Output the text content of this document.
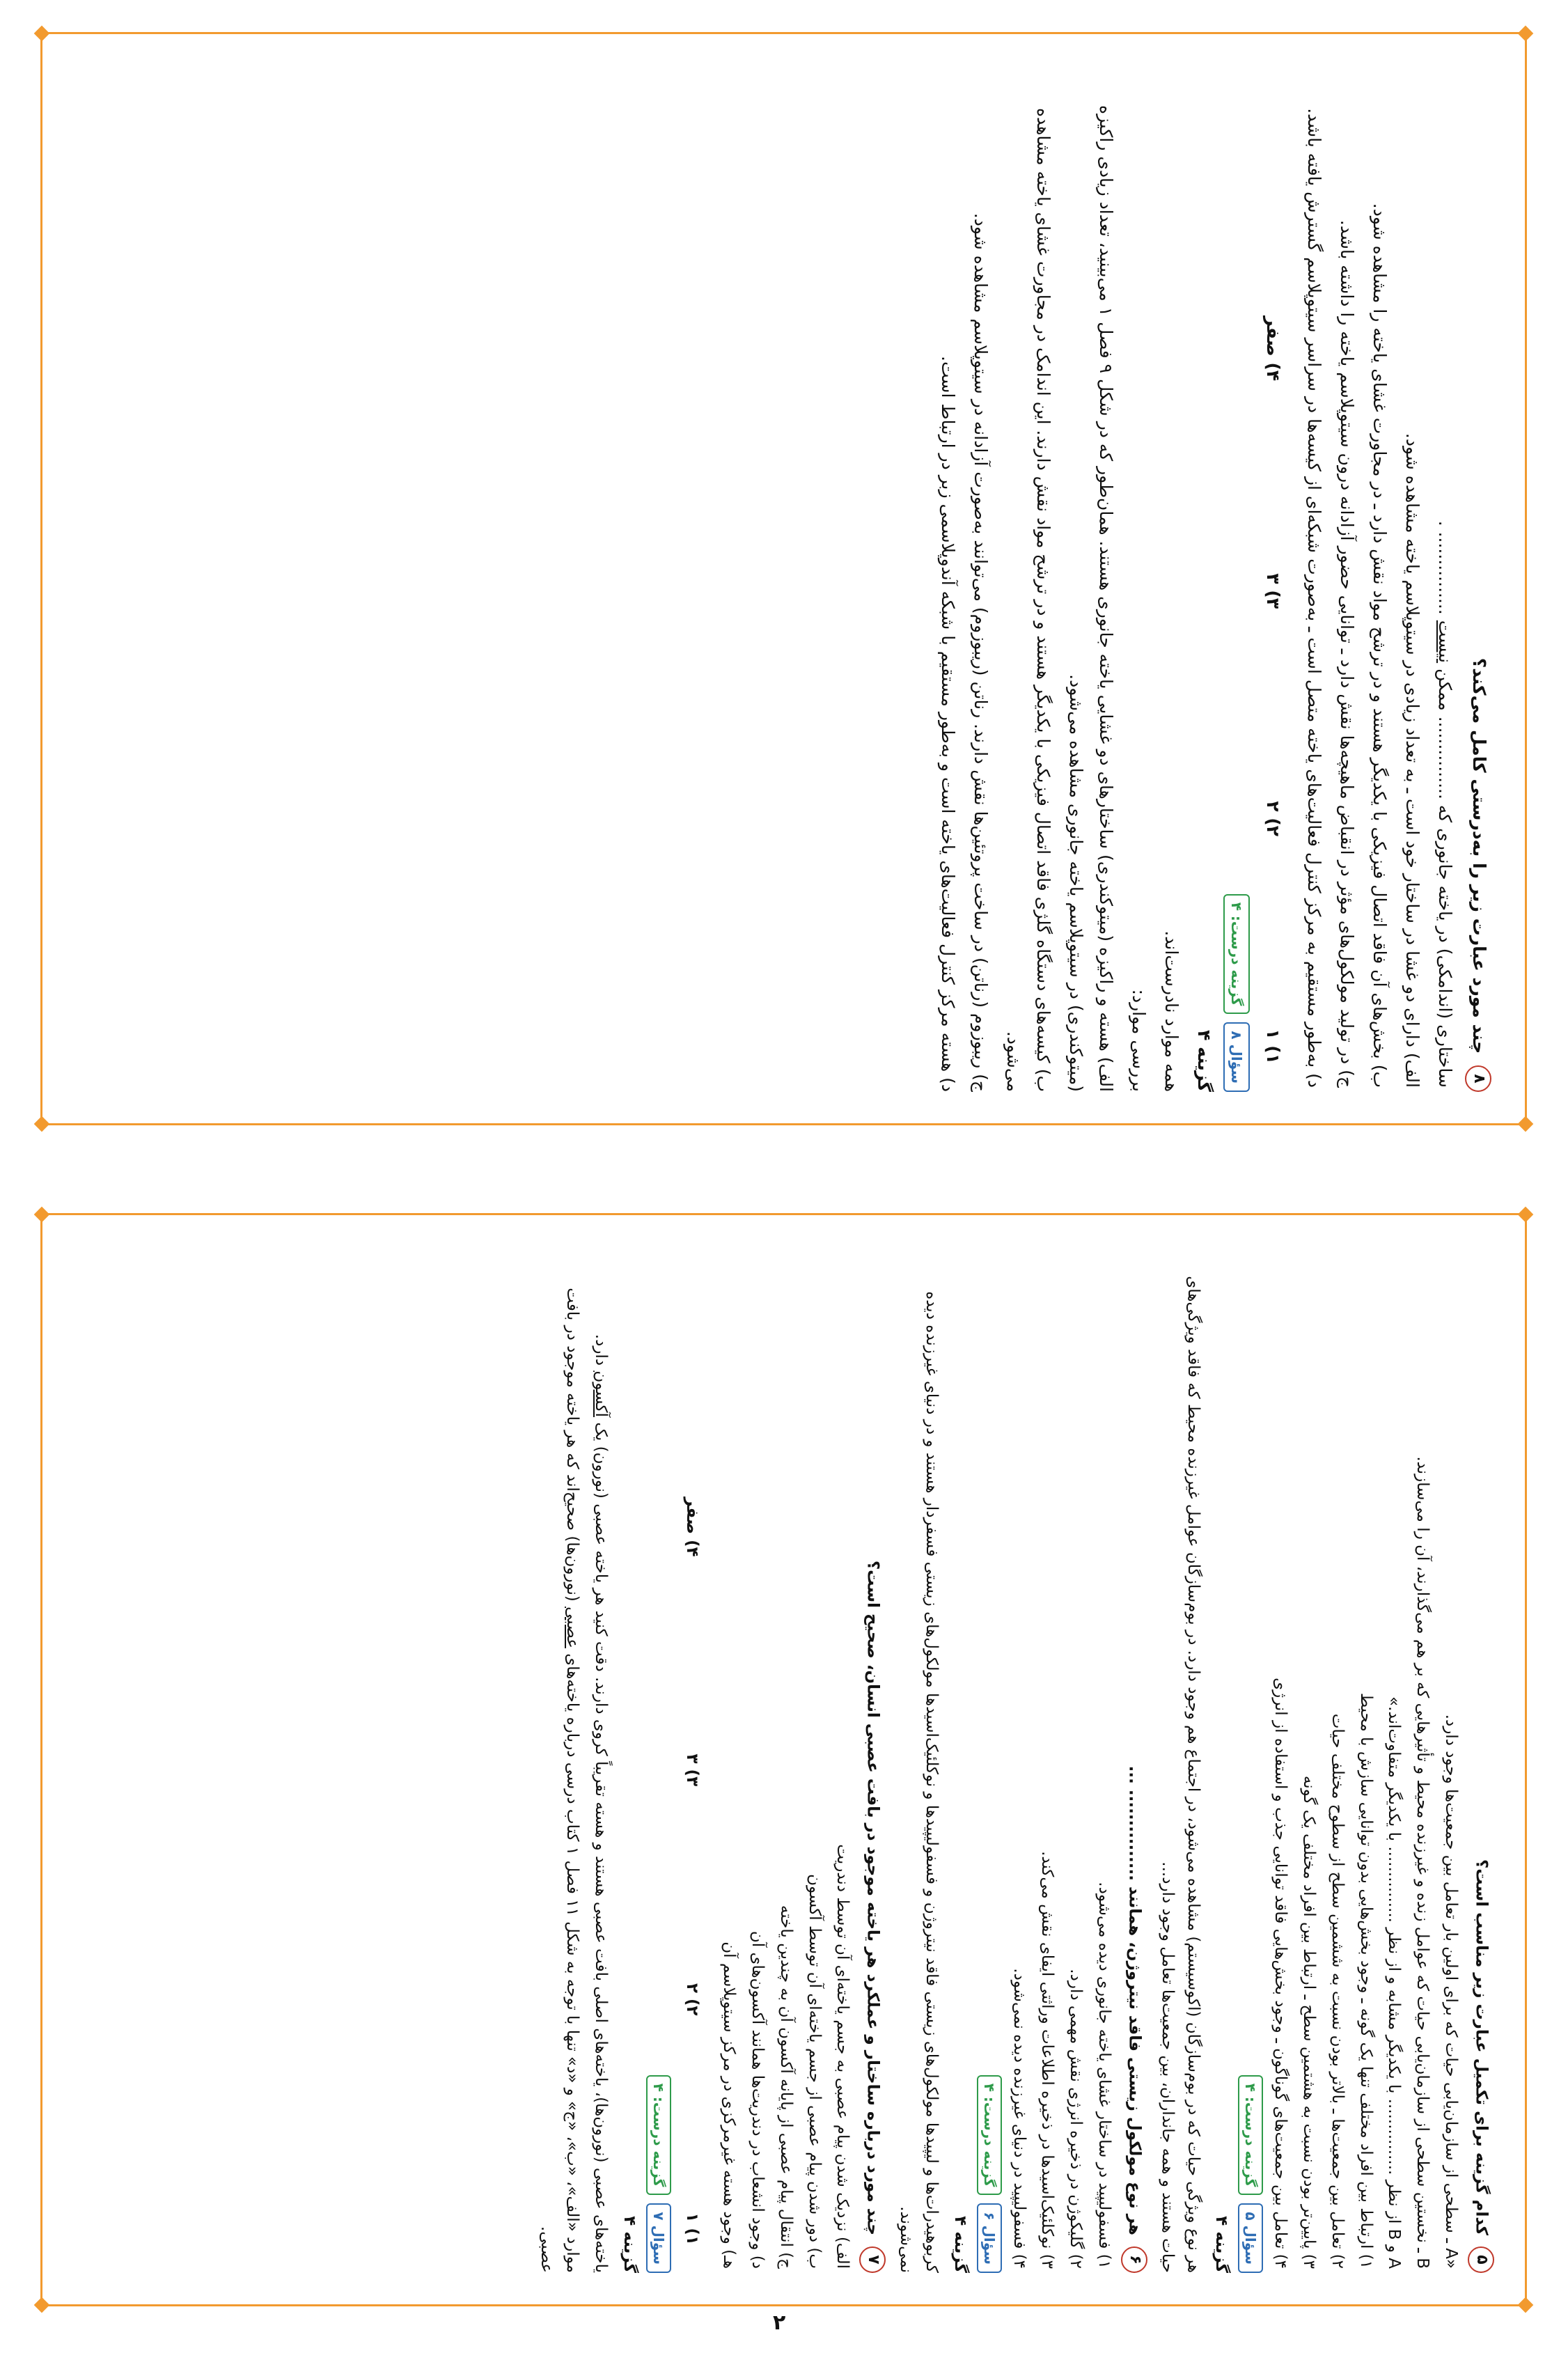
۸ چند مورد عبارت زیر را به‌درستی کامل می‌کند؟
ساختاری (اندامکی) در یاخته جانوری که ............... ممکن نیست ............... .
الف) دارای دو غشا در ساختار خود است ـ به تعداد زیادی در سیتوپلاسم یاخته مشاهده شود.
ب) بخش‌های آن فاقد اتصال فیزیکی با یکدیگر هستند و در ترشح مواد نقش دارد ـ در مجاورت غشای یاخته را مشاهده شود.
ج) در تولید مولکول‌های مؤثر در انقباض ماهیچه‌ها نقش دارد ـ توانایی حضور آزادانه درون سیتوپلاسم یاخته را داشته باشد.
د) به‌طور مستقیم به مرکز کنترل فعالیت‌های یاخته متصل است ـ به‌صورت شبکه‌ای از کیسه‌ها در سراسر سیتوپلاسم گسترش یافته باشد.
۱) ۱
۲) ۲
۳) ۳
۴) صفر
سؤال ۸
گزینه درست: ۴
گزینه ۴
همه موارد نادرست‌اند.
بررسی موارد:
الف) هسته و راکیزه (میتوکندری) ساختارهای دو غشایی یاخته جانوری هستند. همان‌طور که در شکل ۹ فصل ۱ می‌بینید، تعداد زیادی راکیزه (میتوکندری) در سیتوپلاسم یاخته جانوری مشاهده می‌شود.
ب) کیسه‌های دستگاه گلژی فاقد اتصال فیزیکی با یکدیگر هستند و در ترشح مواد نقش دارند. این اندامک در مجاورت غشای یاخته مشاهده می‌شود.
ج) ریبوزوم (رناتن) در ساخت پروتئین‌ها نقش دارند. رناتن (ریبوزوم) می‌توانند به‌صورت آزادانه در سیتوپلاسم مشاهده شود.
د) هسته مرکز کنترل فعالیت‌های یاخته است و به‌طور مستقیم با شبکه آندوپلاسمی زبر در ارتباط است.
۵ کدام گزینه برای تکمیل عبارت زیر مناسب است؟
«A ـ سطحی از سازمان‌یابی حیات که برای اولین بار تعامل بین جمعیت‌ها وجود دارد.
B ـ نخستین سطحی از سازمان‌یابی حیات که عوامل زنده و غیرزنده محیط و تأثیرهایی که بر هم می‌گذارند، آن را می‌سازند.
A و B از نظر ............... با یکدیگر مشابه و از نظر ............... با یکدیگر متفاوت‌اند.»
۱) ارتباط بین افراد مختلف تنها یک گونه ـ وجود بخش‌هایی بدون توانایی سازش با محیط
۲) تعامل بین جمعیت‌ها ـ بالاتر بودن نسبت به ششمین سطح از سطوح مختلف حیات
۳) پایین‌تر بودن نسبت به هشتمین سطح ـ ارتباط بین افراد مختلف یک گونه
۴) تعامل بین جمعیت‌های گوناگون ـ وجود بخش‌هایی فاقد توانایی جذب و استفاده از انرژی
سؤال ۵
گزینه درست: ۴
گزینه ۴
هر نوع ویژگی حیات که در بوم‌سازگان (اکوسیستم) مشاهده می‌شود، در اجتماع هم وجود دارد. در بوم‌سازگان عوامل غیرزنده محیط که فاقد ویژگی‌های حیات هستند و همه جانداران، بین جمعیت‌ها تعامل وجود دارد...
۶ هر نوع مولکول زیستی فاقد نیتروژن، همانند ............... ...
۱) فسفولیپید در ساختار غشای یاخته جانوری دیده می‌شود.
۲) گلیکوژن در ذخیره انرژی نقش مهمی دارد.
۳) نوکلئیک‌اسیدها در ذخیره اطلاعات وراثتی ایفای نقش می‌کند.
۴) فسفولیپید در دنیای غیرزنده دیده نمی‌شود.
سؤال ۶
گزینه درست: ۴
گزینه ۴
کربوهیدرات‌ها و لیپیدها مولکول‌های زیستی فاقد نیتروژن و فسفولیپیدها و نوکلئیک‌اسیدها مولکول‌های زیستی فسفردار هستند و در دنیای غیرزنده دیده نمی‌شوند.
۷ چند مورد درباره ساختار و عملکرد هر یاخته موجود در بافت عصبی انسان، صحیح است؟
الف) نزدیک شدن پیام عصبی به جسم یاخته‌ای آن توسط دندریت
ب) دور شدن پیام عصبی از جسم یاخته‌ای آن توسط آکسون
ج) انتقال پیام عصبی از پایانه آکسون آن به چندین یاخته
د) وجود انشعاب در دندریت‌ها همانند آکسون‌های آن
هـ) وجود هسته غیرمرکزی در مرکز سیتوپلاسم آن
۱) ۱
۲) ۲
۳) ۳
۴) صفر
سؤال ۷
گزینه درست: ۴
گزینه ۴
یاخته‌های عصبی (نورون‌ها)، یاخته‌های اصلی بافت عصبی هستند و هسته تقریباً کروی دارند. دقت کنید هر یاخته عصبی (نورون) یک آکسون دارد.
موارد «الف»، «ب»، «ج» و «د» تنها با توجه به شکل ۱۱ فصل ۱ کتاب درسی درباره یاخته‌های عصبی (نورون‌ها) صحیح‌اند که هر یاخته موجود در بافت عصبی.
۲
